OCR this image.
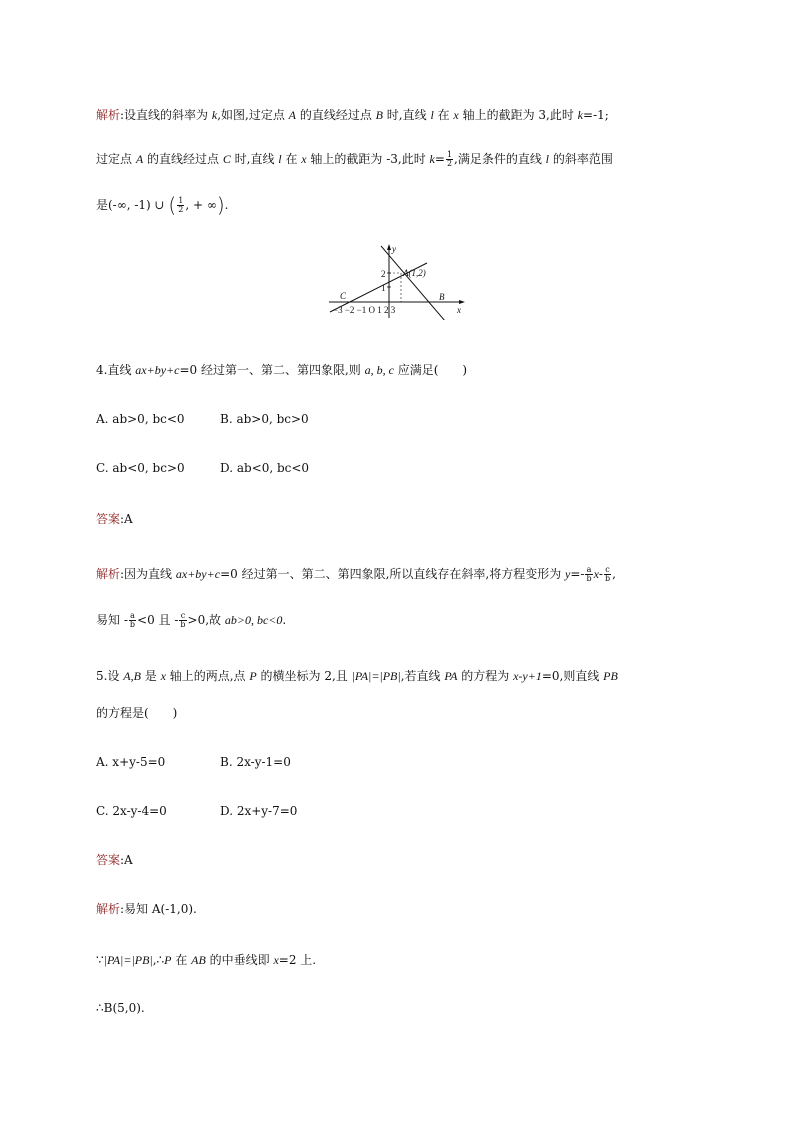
解析:设直线的斜率为 k,如图,过定点 A 的直线经过点 B 时,直线 l 在 x 轴上的截距为 3,此时 k=-1;
过定点 A 的直线经过点 C 时,直线 l 在 x 轴上的截距为 -3,此时 $k= \frac{1}{2}$ ,满足条件的直线 l 的斜率范围
是(-∞, -1) ∪ ( $\frac{1}{2}$ , + ∞).
y
x
2
1
A(1,2)
B
C
−3 −2 −1 O 1 2 3
4.直线 ax+by+c=0 经过第一、第二、第四象限,则 a, b, c 应满足(　　)
A. ab>0, bc<0	B. ab>0, bc>0
C. ab<0, bc>0	D. ab<0, bc<0
答案:A
解析:因为直线 ax+by+c=0 经过第一、第二、第四象限,所以直线存在斜率,将方程变形为 $y=- \frac{a}{b} x- \frac{c}{b}$ ,
易知 - $\frac{a}{b} <0$ 且 - $\frac{c}{b} >0$,故 ab>0, bc<0.
5.设 A,B 是 x 轴上的两点,点 P 的横坐标为 2,且 |PA|=|PB|,若直线 PA 的方程为 x-y+1=0,则直线 PB
的方程是(　　)
A. x+y-5=0	B. 2x-y-1=0
C. 2x-y-4=0	D. 2x+y-7=0
答案:A
解析:易知 A(-1,0).
∵|PA|=|PB|,∴P 在 AB 的中垂线即 x=2 上.
∴B(5,0).
